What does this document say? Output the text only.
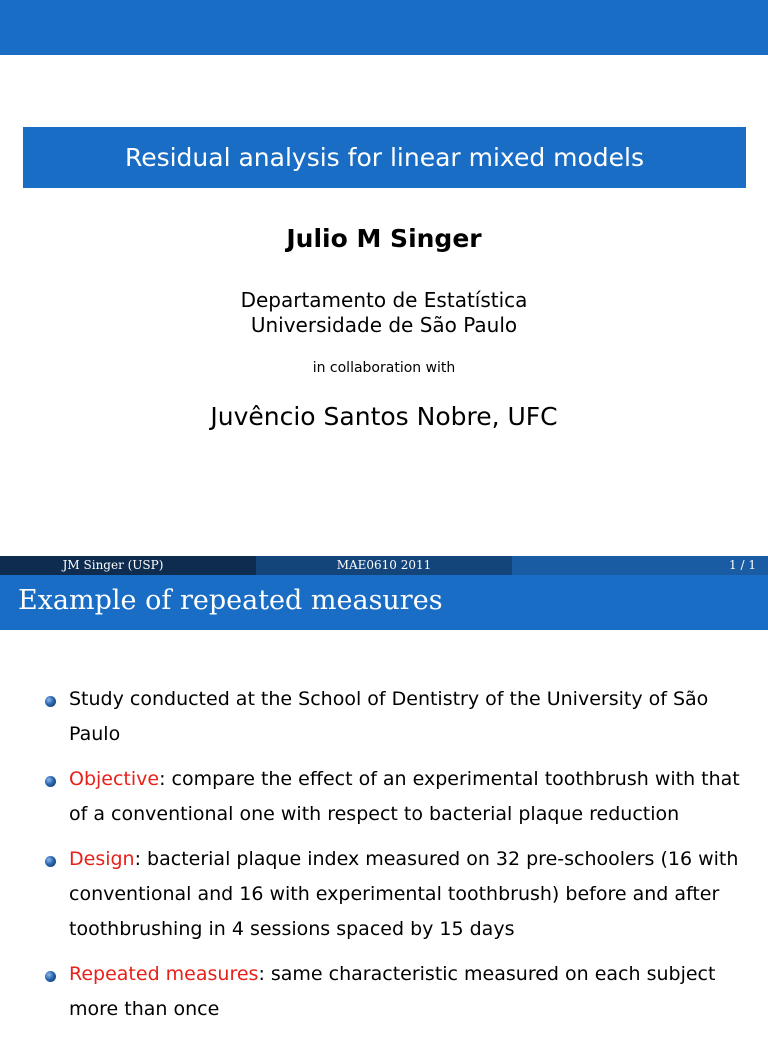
Residual analysis for linear mixed models
Julio M Singer
Departamento de Estatística
Universidade de São Paulo
in collaboration with
Juvêncio Santos Nobre, UFC
JM Singer (USP)	MAE0610 2011	1 / 1
Example of repeated measures
Study conducted at the School of Dentistry of the University of São Paulo
Objective: compare the effect of an experimental toothbrush with that of a conventional one with respect to bacterial plaque reduction
Design: bacterial plaque index measured on 32 pre-schoolers (16 with conventional and 16 with experimental toothbrush) before and after toothbrushing in 4 sessions spaced by 15 days
Repeated measures: same characteristic measured on each subject more than once
